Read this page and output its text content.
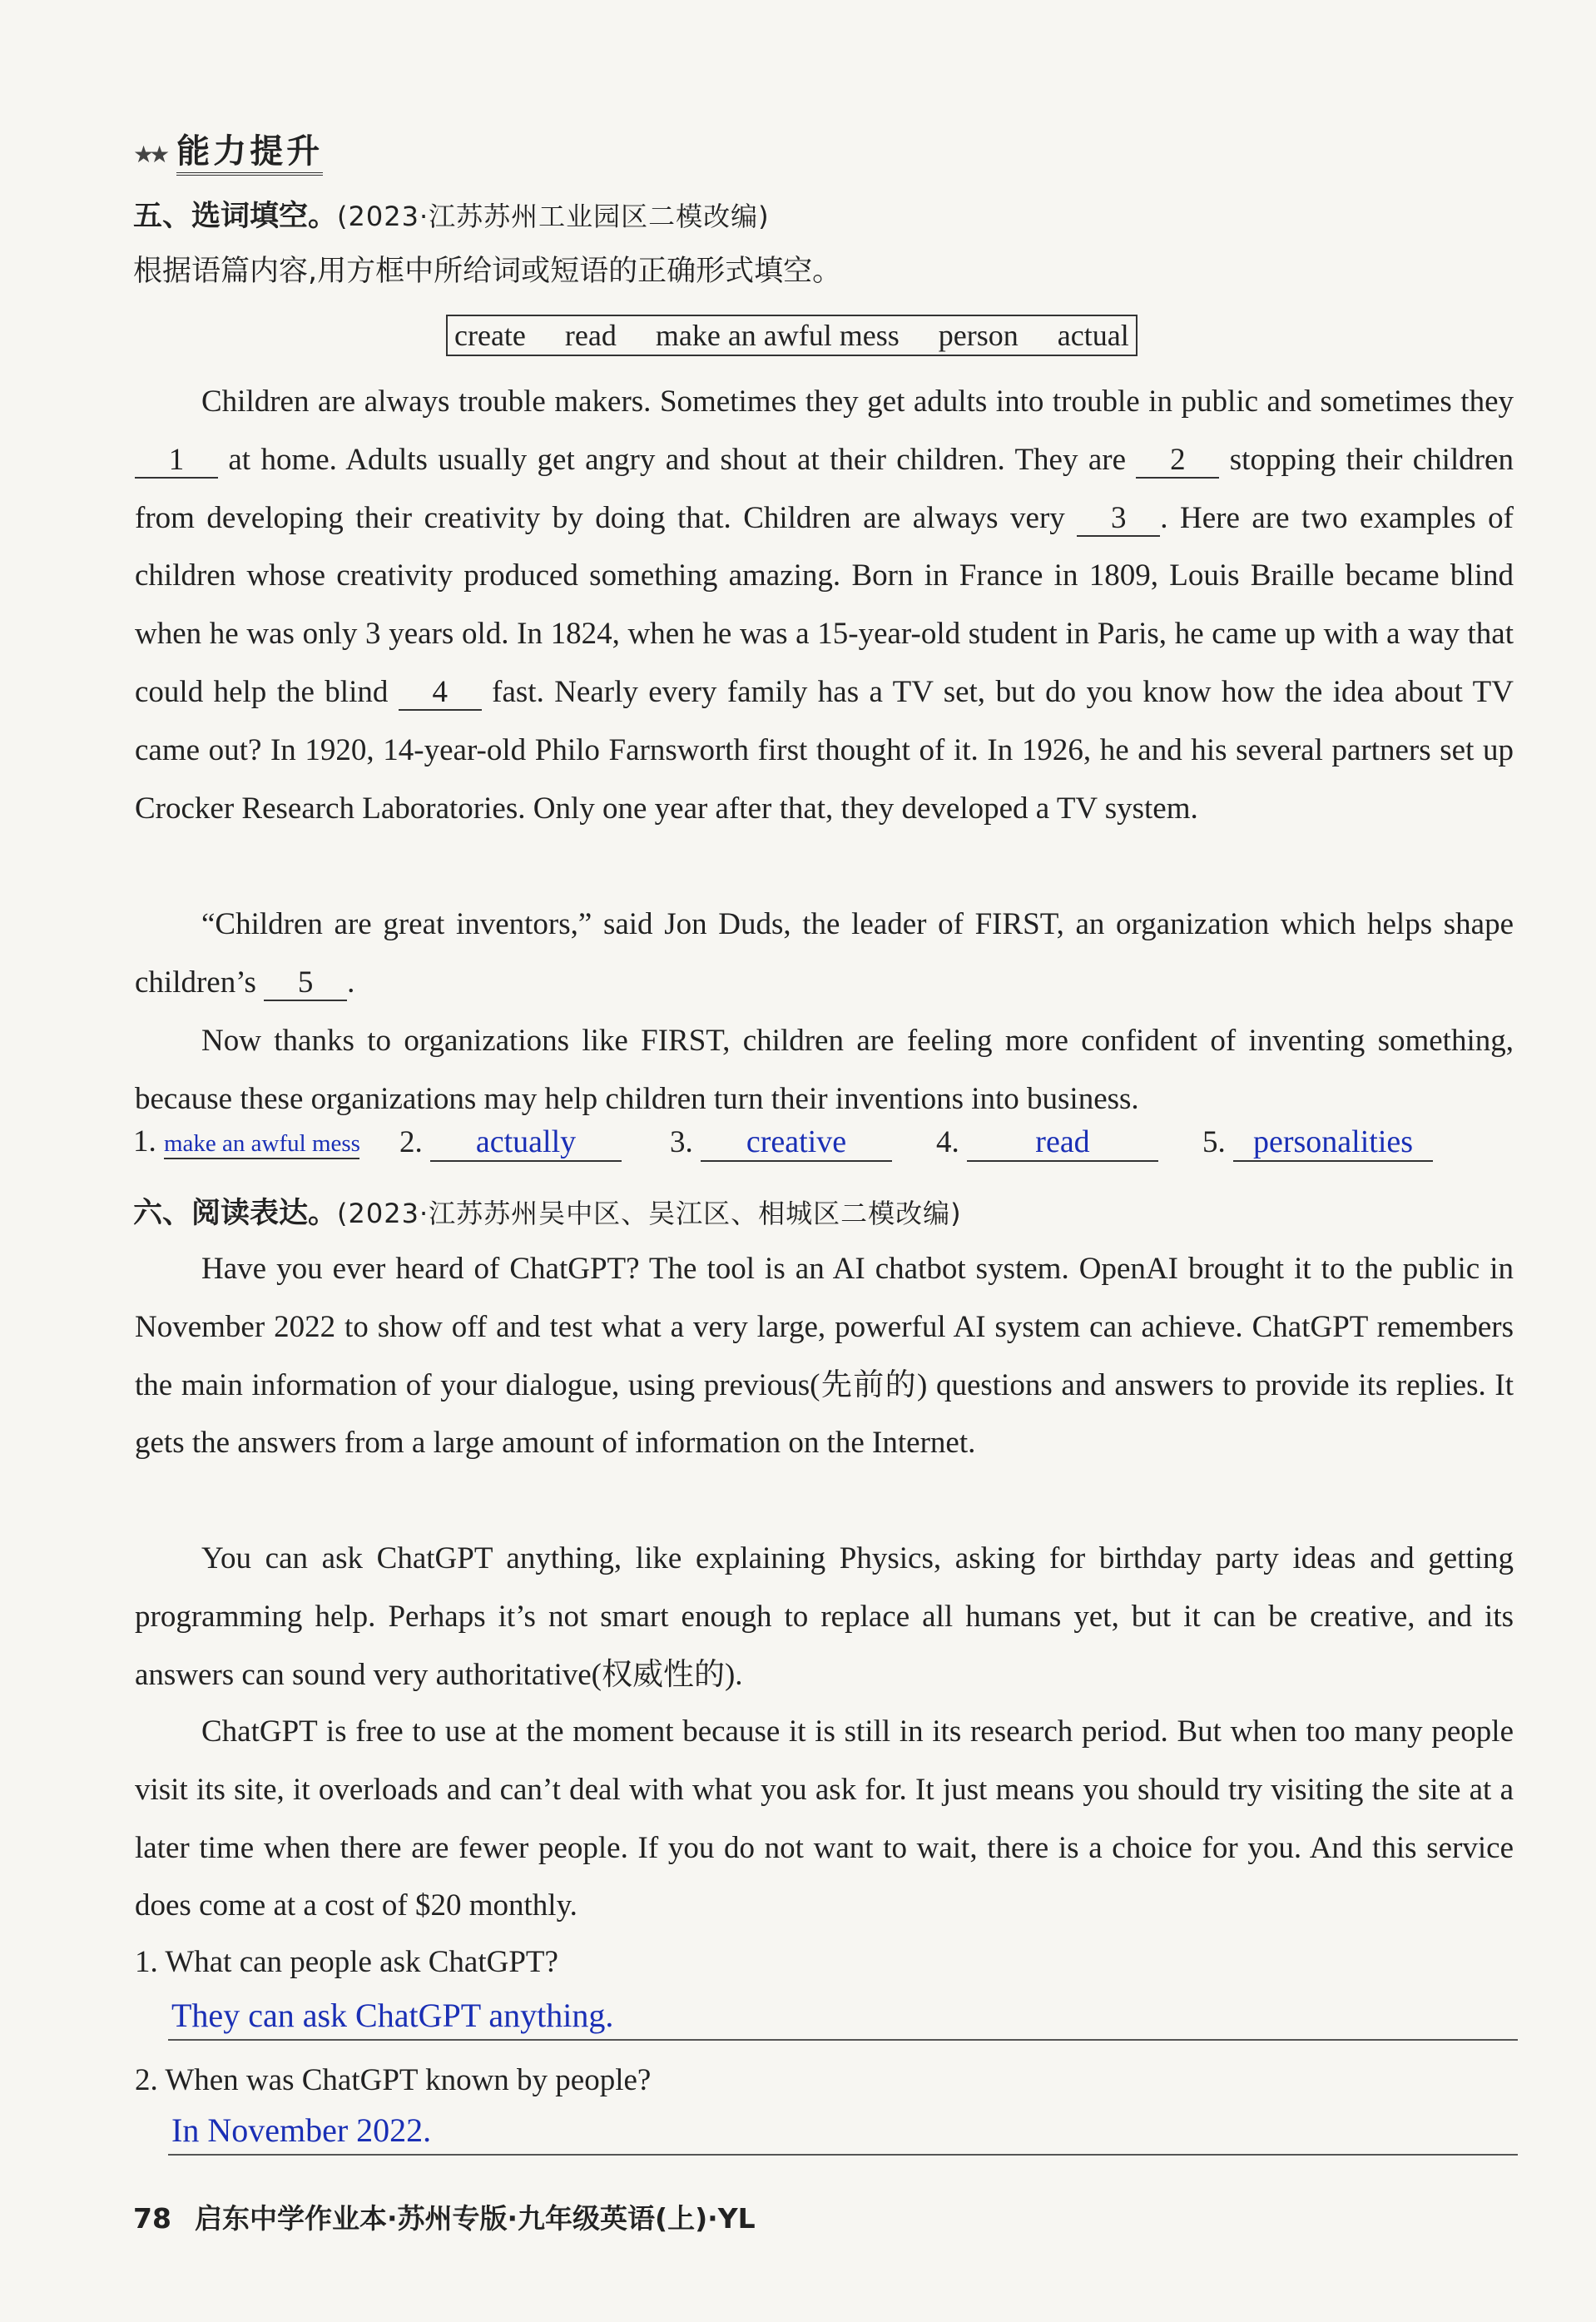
★★ 能力提升
五、选词填空。(2023·江苏苏州工业园区二模改编)
根据语篇内容,用方框中所给词或短语的正确形式填空。
create read make an awful mess person actual
Children are always trouble makers. Sometimes they get adults into trouble in public and sometimes they 1 at home. Adults usually get angry and shout at their children. They are 2 stopping their children from developing their creativity by doing that. Children are always very 3 . Here are two examples of children whose creativity produced something amazing. Born in France in 1809, Louis Braille became blind when he was only 3 years old. In 1824, when he was a 15-year-old student in Paris, he came up with a way that could help the blind 4 fast. Nearly every family has a TV set, but do you know how the idea about TV came out? In 1920, 14-year-old Philo Farnsworth first thought of it. In 1926, he and his several partners set up Crocker Research Laboratories. Only one year after that, they developed a TV system.
“Children are great inventors,” said Jon Duds, the leader of FIRST, an organization which helps shape children’s 5 .
Now thanks to organizations like FIRST, children are feeling more confident of inventing something, because these organizations may help children turn their inventions into business.
1. make an awful mess 2. actually	3. creative	4. read	5. personalities
六、阅读表达。(2023·江苏苏州吴中区、吴江区、相城区二模改编)
Have you ever heard of ChatGPT? The tool is an AI chatbot system. OpenAI brought it to the public in November 2022 to show off and test what a very large, powerful AI system can achieve. ChatGPT remembers the main information of your dialogue, using previous(先前的) questions and answers to provide its replies. It gets the answers from a large amount of information on the Internet.
You can ask ChatGPT anything, like explaining Physics, asking for birthday party ideas and getting programming help. Perhaps it’s not smart enough to replace all humans yet, but it can be creative, and its answers can sound very authoritative(权威性的).
ChatGPT is free to use at the moment because it is still in its research period. But when too many people visit its site, it overloads and can’t deal with what you ask for. It just means you should try visiting the site at a later time when there are fewer people. If you do not want to wait, there is a choice for you. And this service does come at a cost of $20 monthly.
1. What can people ask ChatGPT?
They can ask ChatGPT anything.
2. When was ChatGPT known by people?
In November 2022.
78 启东中学作业本·苏州专版·九年级英语(上)·YL
